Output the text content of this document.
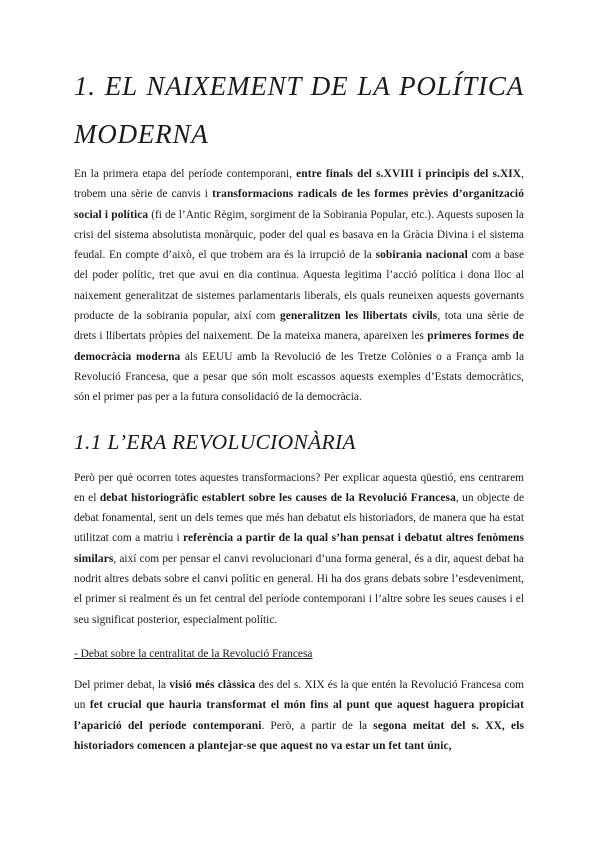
1. EL NAIXEMENT DE LA POLÍTICA MODERNA

En la primera etapa del període contemporani, entre finals del s.XVIII i principis del s.XIX, trobem una sèrie de canvis i transformacions radicals de les formes prèvies d’organització social i política (fi de l’Antic Règim, sorgiment de la Sobirania Popular, etc.). Aquests suposen la crisi del sistema absolutista monàrquic, poder del qual es basava en la Gràcia Divina i el sistema feudal. En compte d’això, el que trobem ara és la irrupció de la sobirania nacional com a base del poder polític, tret que avui en dia continua. Aquesta legitima l’acció política i dona lloc al naixement generalitzat de sistemes parlamentaris liberals, els quals reuneixen aquests governants producte de la sobirania popular, així com generalitzen les llibertats civils, tota una sèrie de drets i llibertats pròpies del naixement. De la mateixa manera, apareixen les primeres formes de democràcia moderna als EEUU amb la Revolució de les Tretze Colònies o a França amb la Revolució Francesa, que a pesar que són molt escassos aquests exemples d’Estats democràtics, són el primer pas per a la futura consolidació de la democràcia.

1.1 L’ERA REVOLUCIONÀRIA

Però per què ocorren totes aquestes transformacions? Per explicar aquesta qüestió, ens centrarem en el debat historiogràfic establert sobre les causes de la Revolució Francesa, un objecte de debat fonamental, sent un dels temes que més han debatut els historiadors, de manera que ha estat utilitzat com a matriu i referència a partir de la qual s’han pensat i debatut altres fenòmens similars, així com per pensar el canvi revolucionari d’una forma general, és a dir, aquest debat ha nodrit altres debats sobre el canvi polític en general. Hi ha dos grans debats sobre l’esdeveniment, el primer si realment és un fet central del període contemporani i l’altre sobre les seues causes i el seu significat posterior, especialment polític.

- Debat sobre la centralitat de la Revolució Francesa

Del primer debat, la visió més clàssica des del s. XIX és la que entén la Revolució Francesa com un fet crucial que hauria transformat el món fins al punt que aquest haguera propiciat l’aparició del període contemporani. Però, a partir de la segona meitat del s. XX, els historiadors comencen a plantejar-se que aquest no va estar un fet tant únic,
